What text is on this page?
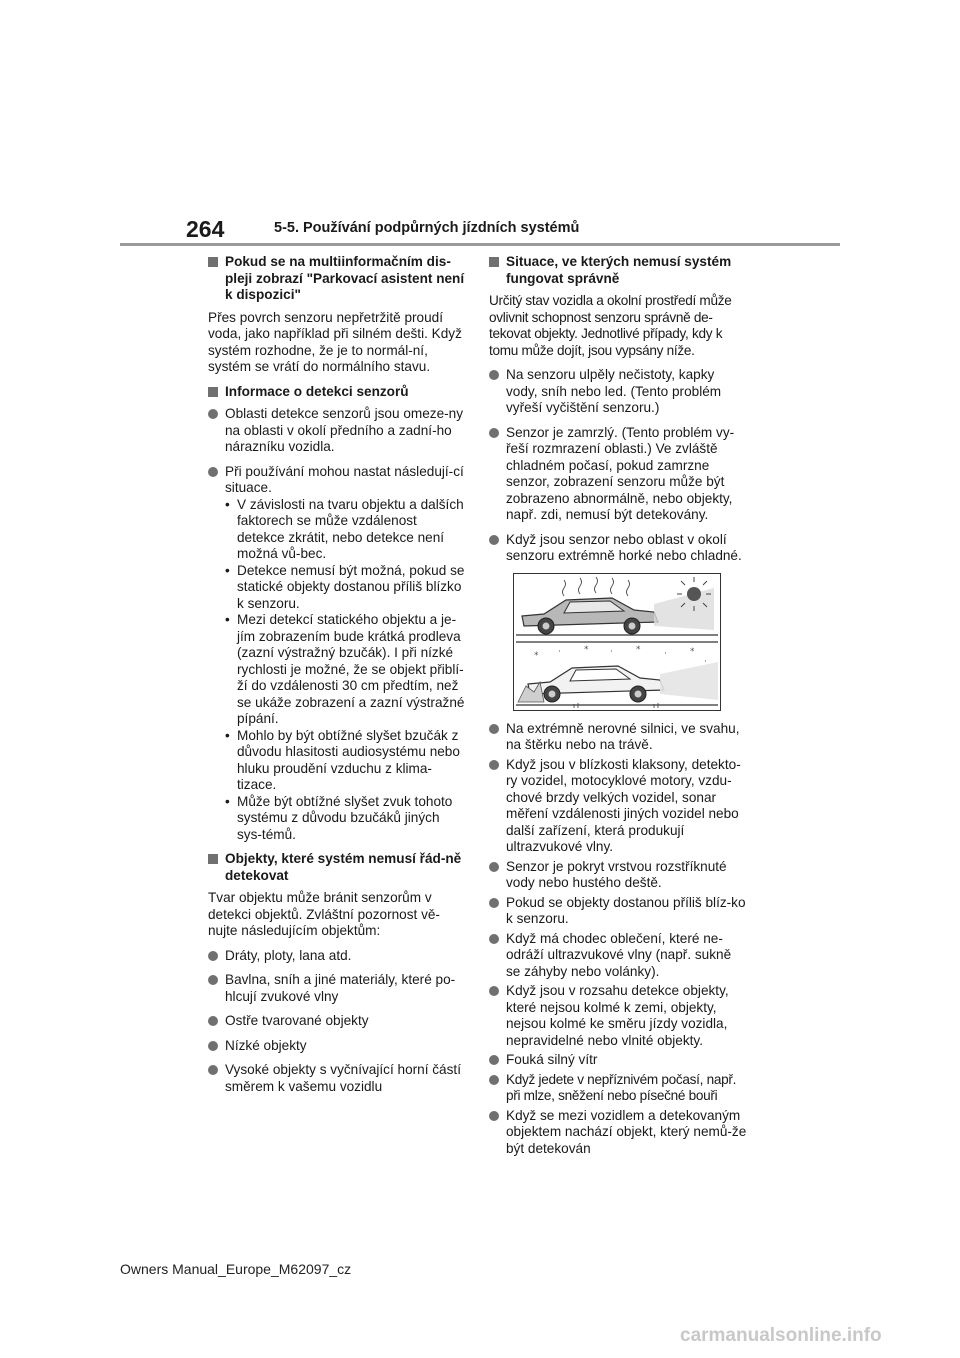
264	5-5. Používání podpůrných jízdních systémů
Pokud se na multiinformačním dis-pleji zobrazí "Parkovací asistent není k dispozici"
Přes povrch senzoru nepřetržitě proudí voda, jako například při silném dešti. Když systém rozhodne, že je to normál-ní, systém se vrátí do normálního stavu.
Informace o detekci senzorů
Oblasti detekce senzorů jsou omeze-ny na oblasti v okolí předního a zadní-ho nárazníku vozidla.
Při používání mohou nastat následují-cí situace.
• V závislosti na tvaru objektu a dalších faktorech se může vzdálenost detekce zkrátit, nebo detekce není možná vů-bec.
• Detekce nemusí být možná, pokud se statické objekty dostanou příliš blízko k senzoru.
• Mezi detekcí statického objektu a je-jím zobrazením bude krátká prodleva (zazní výstražný bzučák). I při nízké rychlosti je možné, že se objekt přiblí-ží do vzdálenosti 30 cm předtím, než se ukáže zobrazení a zazní výstražné pípání.
• Mohlo by být obtížné slyšet bzučák z důvodu hlasitosti audiosystému nebo hluku proudění vzduchu z klima-tizace.
• Může být obtížné slyšet zvuk tohoto systému z důvodu bzučáků jiných sys-témů.
Objekty, které systém nemusí řád-ně detekovat
Tvar objektu může bránit senzorům v detekci objektů. Zvláštní pozornost vě-nujte následujícím objektům:
Dráty, ploty, lana atd.
Bavlna, sníh a jiné materiály, které po-hlcují zvukové vlny
Ostře tvarované objekty
Nízké objekty
Vysoké objekty s vyčnívající horní částí směrem k vašemu vozidlu
Situace, ve kterých nemusí systém fungovat správně
Určitý stav vozidla a okolní prostředí může ovlivnit schopnost senzoru správně de-tekovat objekty. Jednotlivé případy, kdy k tomu může dojít, jsou vypsány níže.
Na senzoru ulpěly nečistoty, kapky vody, sníh nebo led. (Tento problém vyřeší vyčištění senzoru.)
Senzor je zamrzlý. (Tento problém vy-řeší rozmrazení oblasti.) Ve zvláště chladném počasí, pokud zamrzne senzor, zobrazení senzoru může být zobrazeno abnormálně, nebo objekty, např. zdi, nemusí být detekovány.
Když jsou senzor nebo oblast v okolí senzoru extrémně horké nebo chladné.
* ·	* ·	*	·	*
·
Na extrémně nerovné silnici, ve svahu, na štěrku nebo na trávě.
Když jsou v blízkosti klaksony, detekto-ry vozidel, motocyklové motory, vzdu-chové brzdy velkých vozidel, sonar měření vzdálenosti jiných vozidel nebo další zařízení, která produkují ultrazvukové vlny.
Senzor je pokryt vrstvou rozstříknuté vody nebo hustého deště.
Pokud se objekty dostanou příliš blíz-ko k senzoru.
Když má chodec oblečení, které ne-odráží ultrazvukové vlny (např. sukně se záhyby nebo volánky).
Když jsou v rozsahu detekce objekty, které nejsou kolmé k zemi, objekty, nejsou kolmé ke směru jízdy vozidla, nepravidelné nebo vlnité objekty.
Fouká silný vítr
Když jedete v nepříznivém počasí, např. při mlze, sněžení nebo písečné bouři
Když se mezi vozidlem a detekovaným objektem nachází objekt, který nemů-že být detekován
Owners Manual_Europe_M62097_cz
carmanualsonline.info
